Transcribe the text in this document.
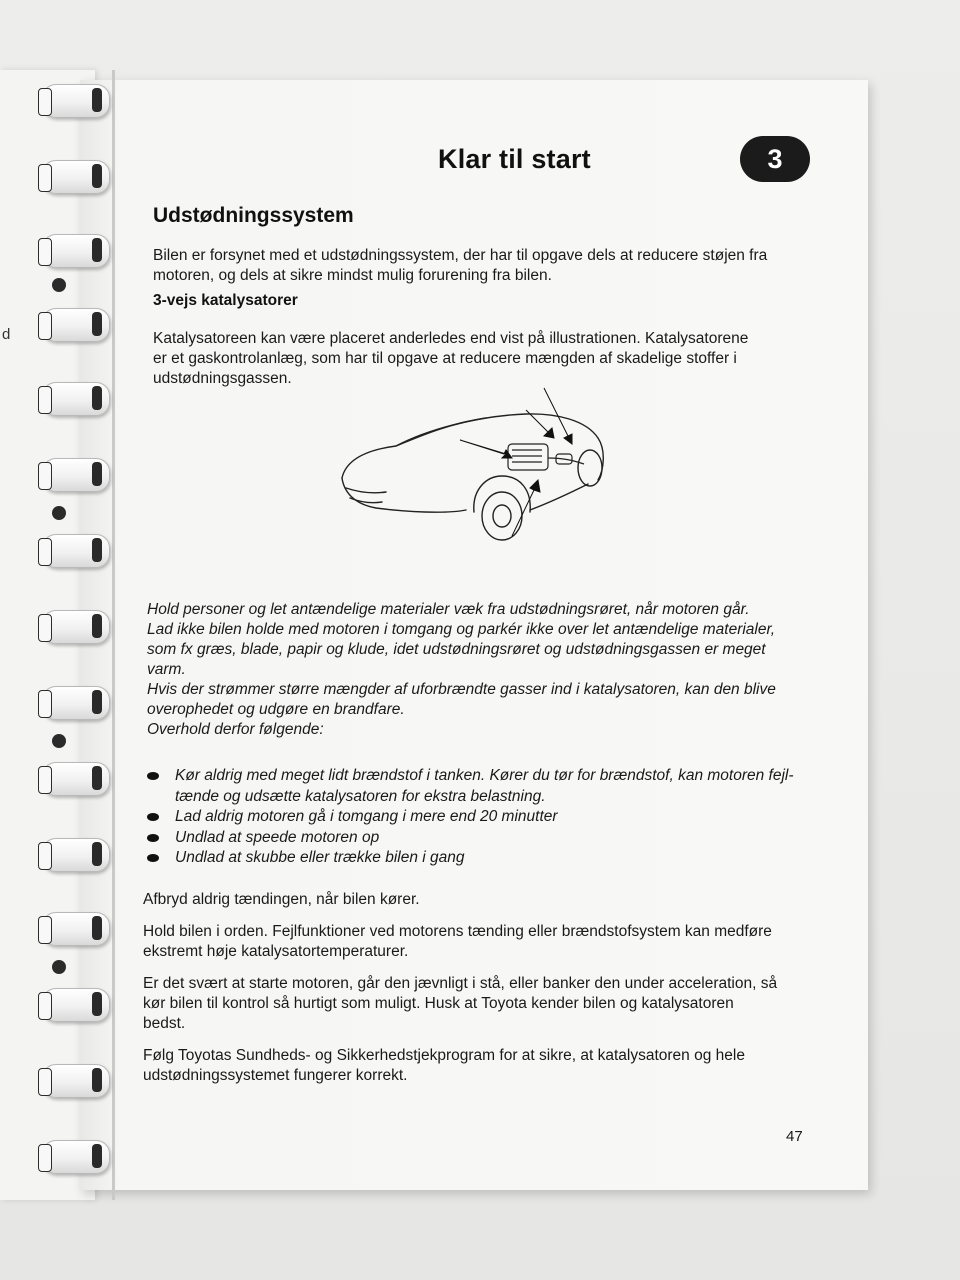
d
Klar til start	3
Udstødningssystem
Bilen er forsynet med et udstødningssystem, der har til opgave dels at reducere støjen fra
motoren, og dels at sikre mindst mulig forurening fra bilen.
3-vejs katalysatorer
Katalysatoreen kan være placeret anderledes end vist på illustrationen. Katalysatorene
er et gaskontrolanlæg, som har til opgave at reducere mængden af skadelige stoffer i
udstødningsgassen.
Hold personer og let antændelige materialer væk fra udstødningsrøret, når motoren går.
Lad ikke bilen holde med motoren i tomgang og parkér ikke over let antændelige materialer,
som fx græs, blade, papir og klude, idet udstødningsrøret og udstødningsgassen er meget
varm.
Hvis der strømmer større mængder af uforbrændte gasser ind i katalysatoren, kan den blive
overophedet og udgøre en brandfare.
Overhold derfor følgende:
Kør aldrig med meget lidt brændstof i tanken. Kører du tør for brændstof, kan motoren fejl-
tænde og udsætte katalysatoren for ekstra belastning.
Lad aldrig motoren gå i tomgang i mere end 20 minutter
Undlad at speede motoren op
Undlad at skubbe eller trække bilen i gang
Afbryd aldrig tændingen, når bilen kører.
Hold bilen i orden. Fejlfunktioner ved motorens tænding eller brændstofsystem kan medføre
ekstremt høje katalysatortemperaturer.
Er det svært at starte motoren, går den jævnligt i stå, eller banker den under acceleration, så
kør bilen til kontrol så hurtigt som muligt. Husk at Toyota kender bilen og katalysatoren
bedst.
Følg Toyotas Sundheds- og Sikkerhedstjekprogram for at sikre, at katalysatoren og hele
udstødningssystemet fungerer korrekt.
47
